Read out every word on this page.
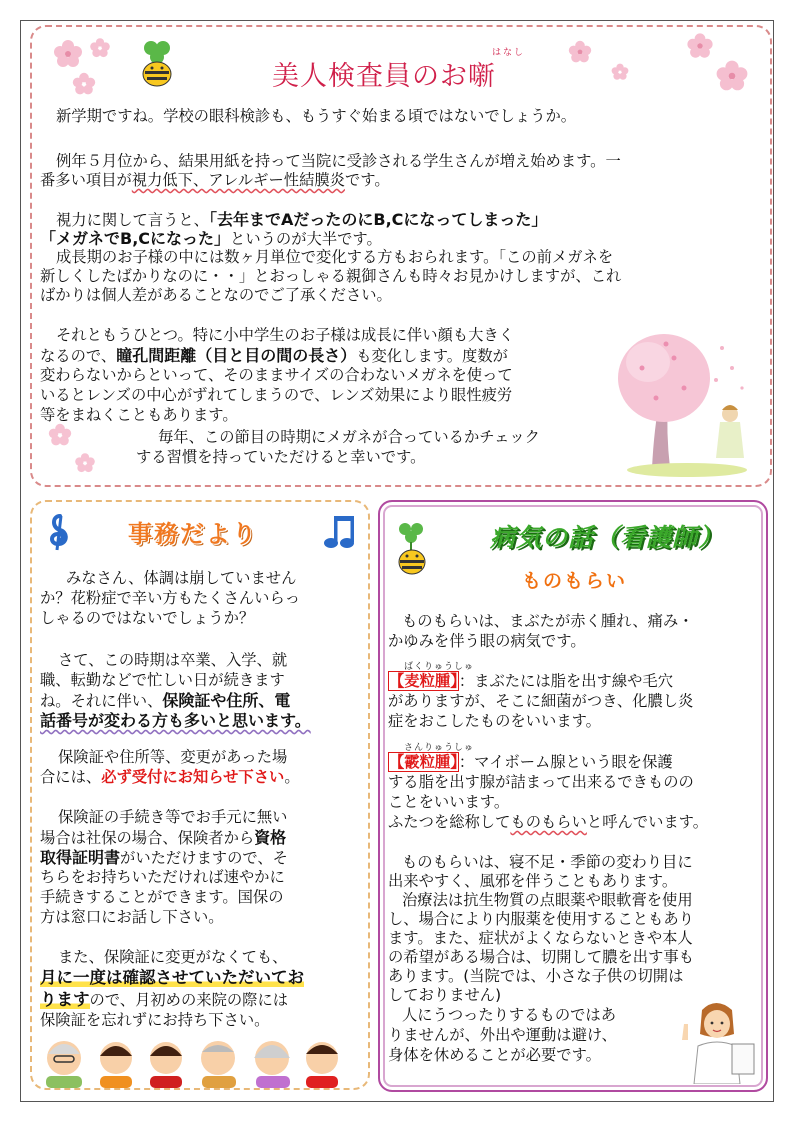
はなし
美人検査員のお噺
新学期ですね。学校の眼科検診も、もうすぐ始まる頃ではないでしょうか。
例年５月位から、結果用紙を持って当院に受診される学生さんが増え始めます。一
番多い項目が視力低下、アレルギー性結膜炎です。
視力に関して言うと、「去年までAだったのにB,Cになってしまった」
「メガネでB,Cになった」というのが大半です。
成長期のお子様の中には数ヶ月単位で変化する方もおられます。「この前メガネを
新しくしたばかりなのに・・」とおっしゃる親御さんも時々お見かけしますが、これ
ばかりは個人差があることなのでご了承ください。
それともうひとつ。特に小中学生のお子様は成長に伴い顔も大きく
なるので、瞳孔間距離（目と目の間の長さ）も変化します。度数が
変わらないからといって、そのままサイズの合わないメガネを使って
いるとレンズの中心がずれてしまうので、レンズ効果により眼性疲労
等をまねくこともあります。
毎年、この節目の時期にメガネが合っているかチェック
する習慣を持っていただけると幸いです。
事務だより
みなさん、体調は崩していません
か？花粉症で辛い方もたくさんいらっ
しゃるのではないでしょうか？
さて、この時期は卒業、入学、就
職、転勤などで忙しい日が続きます
ね。それに伴い、保険証や住所、電
話番号が変わる方も多いと思います。
保険証や住所等、変更があった場
合には、必ず受付にお知らせ下さい。
保険証の手続き等でお手元に無い
場合は社保の場合、保険者から資格
取得証明書がいただけますので、そ
ちらをお持ちいただければ速やかに
手続きすることができます。国保の
方は窓口にお話し下さい。
また、保険証に変更がなくても、
月に一度は確認させていただいてお
りますので、月初めの来院の際には
保険証を忘れずにお持ち下さい。
病気の話（看護師）
ものもらい
ものもらいは、まぶたが赤く腫れ、痛み・
かゆみを伴う眼の病気です。
ばくりゅうしゅ
【麦粒腫】：まぶたには脂を出す線や毛穴
がありますが、そこに細菌がつき、化膿し炎
症をおこしたものをいいます。
さんりゅうしゅ
【霰粒腫】：マイボーム腺という眼を保護
する脂を出す腺が詰まって出来るできものの
ことをいいます。
ふたつを総称してものもらいと呼んでいます。
ものもらいは、寝不足・季節の変わり目に
出来やすく、風邪を伴うこともあります。
治療法は抗生物質の点眼薬や眼軟膏を使用
し、場合により内服薬を使用することもあり
ます。また、症状がよくならないときや本人
の希望がある場合は、切開して膿を出す事も
あります。(当院では、小さな子供の切開は
しておりません)
人にうつったりするものではあ
りませんが、外出や運動は避け、
身体を休めることが必要です。
